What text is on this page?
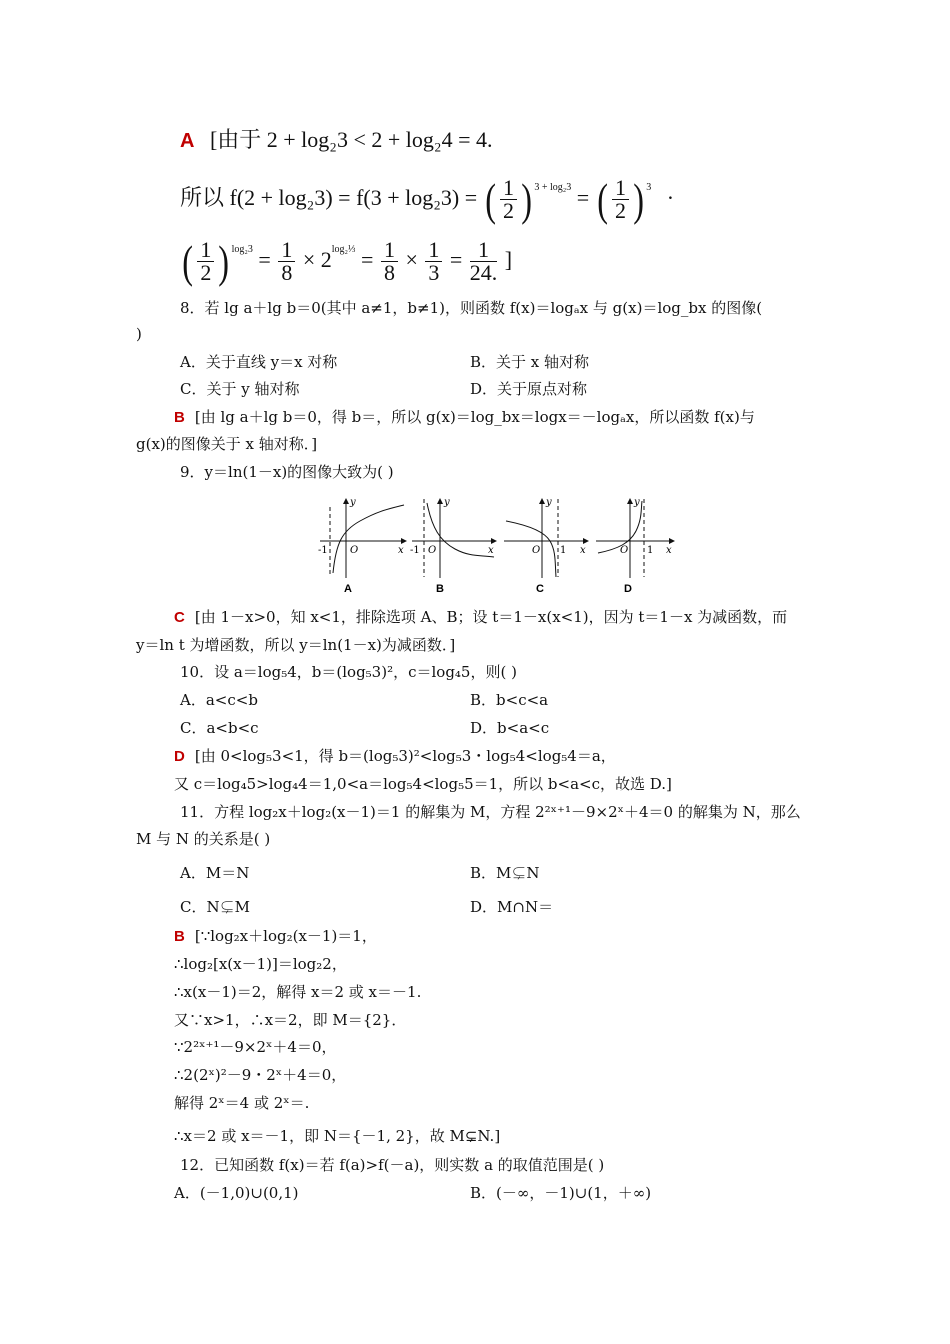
A [由于 2 + log₂3 < 2 + log₂4 = 4.
所以 f(2 + log₂3) = f(3 + log₂3) = ( $\frac{1}{2}$ ) $^{3 + log_23}$ = ( $\frac{1}{2}$ ) $^3$ ·
( $\frac{1}{2}$ ) $^{log_23} = \frac{1}{8} \times 2^{log_2\frac{1}{3}} = \frac{1}{8} \times \frac{1}{3} = \frac{1}{24.}$ ]
8．若 lg a＋lg b＝0(其中 a≠1，b≠1)，则函数 f(x)＝logₐx 与 g(x)＝log_bx 的图像(
)
A．关于直线 y＝x 对称	B．关于 x 轴对称
C．关于 y 轴对称	D．关于原点对称
B [由 lg a＋lg b＝0，得 b＝，所以 g(x)＝log_bx＝logx＝－logₐx，所以函数 f(x)与
g(x)的图像关于 x 轴对称．]
9．y＝ln(1－x)的图像大致为( )
y
x
-1 O
A
y
x
-1 O
B
y
x
1
O
C
y
x
1
O
D
C [由 1－x>0，知 x<1，排除选项 A、B；设 t＝1－x(x<1)，因为 t＝1－x 为减函数，而
y＝ln t 为增函数，所以 y＝ln(1－x)为减函数．]
10．设 a＝log₅4，b＝(log₅3)²，c＝log₄5，则( )
A．a<c<b	B．b<c<a
C．a<b<c	D．b<a<c
D [由 0<log₅3<1，得 b＝(log₅3)²<log₅3・log₅4<log₅4＝a，
又 c＝log₄5>log₄4＝1,0<a＝log₅4<log₅5＝1，所以 b<a<c，故选 D.]
11．方程 log₂x＋log₂(x－1)＝1 的解集为 M，方程 2²ˣ⁺¹－9×2ˣ＋4＝0 的解集为 N，那么
M 与 N 的关系是( )
A．M＝N	B．M⊊N
C．N⊊M	D．M∩N＝
B [∵log₂x＋log₂(x－1)＝1，
∴log₂[x(x－1)]＝log₂2，
∴x(x－1)＝2，解得 x＝2 或 x＝－1.
又∵x>1，∴x＝2，即 M＝{2}．
∵2²ˣ⁺¹－9×2ˣ＋4＝0，
∴2(2ˣ)²－9・2ˣ＋4＝0，
解得 2ˣ＝4 或 2ˣ＝.
∴x＝2 或 x＝－1，即 N＝{－1, 2}，故 M⊊N.]
12．已知函数 f(x)＝若 f(a)>f(－a)，则实数 a 的取值范围是( )
A．(－1,0)∪(0,1)	B．(－∞，－1)∪(1，＋∞)
